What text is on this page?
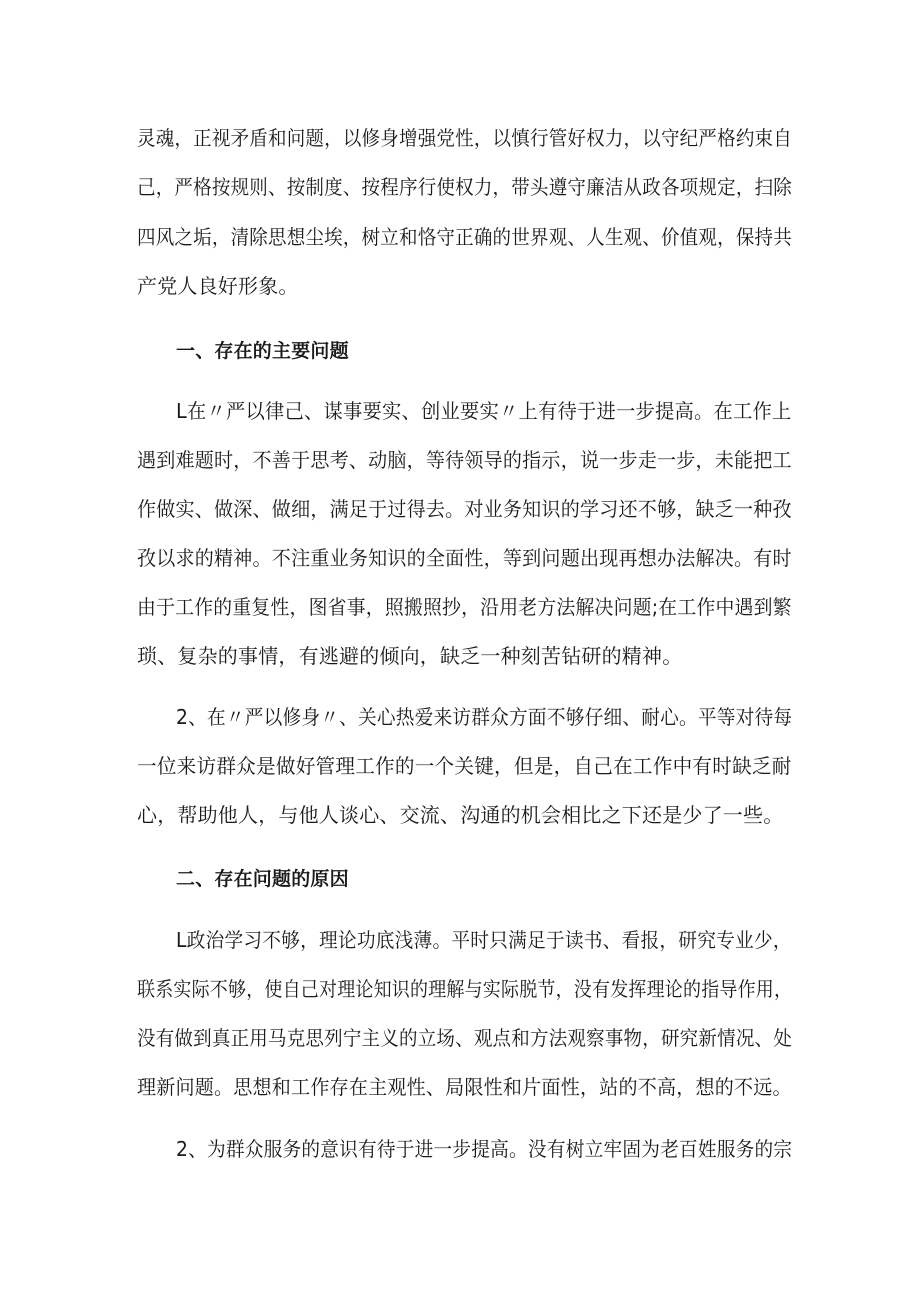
灵魂，正视矛盾和问题，以修身增强党性，以慎行管好权力，以守纪严格约束自
己，严格按规则、按制度、按程序行使权力，带头遵守廉洁从政各项规定，扫除
四风之垢，清除思想尘埃，树立和恪守正确的世界观、人生观、价值观，保持共
产党人良好形象。
一、存在的主要问题
L在〃严以律己、谋事要实、创业要实〃上有待于进一步提高。在工作上
遇到难题时，不善于思考、动脑，等待领导的指示，说一步走一步，未能把工
作做实、做深、做细，满足于过得去。对业务知识的学习还不够，缺乏一种孜
孜以求的精神。不注重业务知识的全面性，等到问题出现再想办法解决。有时
由于工作的重复性，图省事，照搬照抄，沿用老方法解决问题;在工作中遇到繁
琐、复杂的事情，有逃避的倾向，缺乏一种刻苦钻研的精神。
2、在〃严以修身〃、关心热爱来访群众方面不够仔细、耐心。平等对待每
一位来访群众是做好管理工作的一个关键，但是，自己在工作中有时缺乏耐
心，帮助他人，与他人谈心、交流、沟通的机会相比之下还是少了一些。
二、存在问题的原因
L政治学习不够，理论功底浅薄。平时只满足于读书、看报，研究专业少，
联系实际不够，使自己对理论知识的理解与实际脱节，没有发挥理论的指导作用，
没有做到真正用马克思列宁主义的立场、观点和方法观察事物，研究新情况、处
理新问题。思想和工作存在主观性、局限性和片面性，站的不高，想的不远。
2、为群众服务的意识有待于进一步提高。没有树立牢固为老百姓服务的宗
